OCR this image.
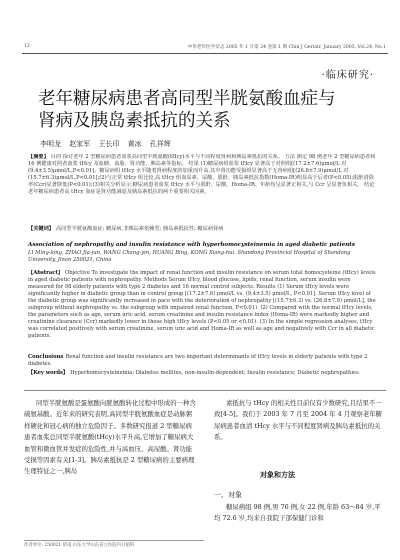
12	中华老年医学杂志 2005 年 1 月第 24 卷第 1 期 Chin J Geriatr, January 2005, Vol.24, No.1
·临床研究·
老年糖尿病患者高同型半胱氨酸血症与
肾病及胰岛素抵抗的关系
李明龙 赵家军 王长印 黄冰 孔祥辉

【摘要】 目的 探讨老年 2 型糖尿病患者血浆高同型半胱氨酸(tHcy)水平与不同程度肾病和胰岛素抵抗的关系。 方法 测定 98 例老年 2 型糖尿病患者和 16 例健康对照者血浆 tHcy 及血糖、血脂、肾功能、胰岛素等指标。 结果 (1)糖尿病组血浆 tHcy 显著高于对照组[(17.2±7.6)μmol/L 对 (9.4±3.5)μmol/L,P<0.01]。糖尿病组 tHcy 水平随着肾病程度的加重而升高,其中肾功能受损组显著高于无肾病组[(26.8±7.9)μmol/L 对 (15.7±6.3)μmol/L,P<0.01];(2)与正常 tHcy 组比较,高 tHcy 组血尿素、尿酸、肌酐、胰岛素抵抗指数(Homa-IR)明显高于后者(P<0.05);肌酐清除率(Ccr)显著降低(P<0.01);(3)相关分析显示:糖尿病患者血浆 tHcy 水平与肌酐、尿酸、Homa-IR、年龄均呈显著正相关,与 Ccr 呈显著负相关。 结论 老年糖尿病患者高 tHcy 血症是肾功能减退及胰岛素抵抗的两个重要相关因素。

【关键词】 高同型半胱氨酸血症; 糖尿病,非胰岛素依赖型; 胰岛素抵抗性; 糖尿病肾病
Association of nephropathy and insulin resistance with hyperhomocysteinemia in aged diabetic patients
LI Ming-long, ZHAO Jia-jun, WANG Chang-yin, HUANG Bing, KONG Xiang-hui. Shandong Provincial Hospital of Shandong University, Jinan 250021, China

【Abstract】 Objective To investigate the impact of renal function and insulin resistance on serum total homocysteine (tHcy) levels in aged diabetic patients with nephropathy. Methods Serum tHcy, blood glucose, lipids, renal function, serum insulin were measured for 98 elderly patients with type 2 diabetes and 16 normal control subjects. Results (1) Serum tHcy levels were significantly higher in diabetic group than in control group [(17.2±7.6) μmol/L vs. (9.4±3.5) μmol/L, P<0.01]. Serum tHcy level of the diabetic group was significantly increased in pace with the deterioration of nephropathy [(15.7±6.3) vs. (26.8±7.9) μmol/L], the subgroup without nephropathy vs. the subgroup with impaired renal function, P<0.01). (2) Compared with the normal tHcy levels, the parameters such as age, serum uric acid, serum creatinine and insulin resistance index (Homa-IR) were markedly higher and creatinine clearance (Ccr) markedly lower in those high tHcy levels (P<0.05 or <0.01). (3) In the simple regression analyses, tHcy was correlated positively with serum creatinine, serum uric acid and Homa-IR as well as age and negatively with Ccr in all diabetic patients.

Conclusions Renal function and insulin resistance are two important determinants of tHcy levels in elderly patients with type 2 diabetes.
【Key words】 Hyperhomocysteinemia; Diabetes mellitus, non-insulin-dependent; Insulin resistance; Diabetic nephropathies

同型半胱氨酸是蛋氨酸向胱氨酸转化过程中形成的一种含硫氨基酸。近年来的研究表明,高同型半胱氨酸血症是动脉粥样硬化和冠心病的独立危险因子。多数研究报道 2 型糖尿病患者血浆总同型半胱氨酸(tHcy)水平升高,它增加了糖尿病大血管和微血管并发症的危险性,并与高血压、高尿酸、肾功能受损等因素有关[1-3]。胰岛素抵抗是 2 型糖尿病的主要病理生理特征之一,胰岛

素抵抗与 tHcy 的相关性目前仅有少数研究,且结果不一致[4-5]。我们于 2003 年 7 月至 2004 年 4 月观察老年糖尿病患者血清 tHcy 水平与不同程度肾病及胰岛素抵抗的关系。

对象和方法
一、对象

糖尿病组 98 例,男 76 例,女 22 例,年龄 63～84 岁,平均 72.6 岁,均来自我院干部保健门诊和

作者单位: 250021 济南,山东大学山东省立医院内分泌科
